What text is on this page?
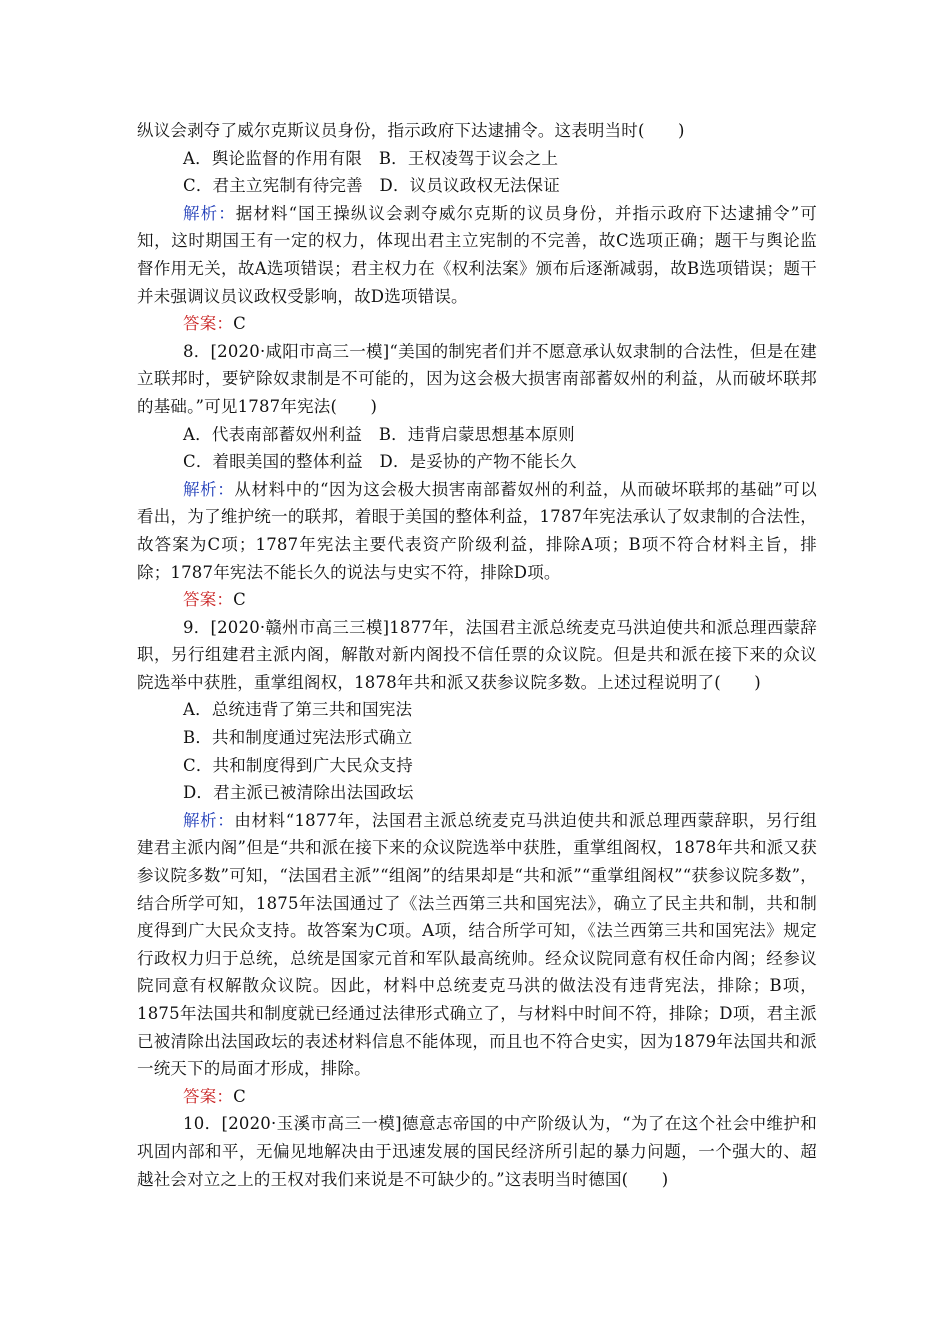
纵议会剥夺了威尔克斯议员身份，指示政府下达逮捕令。这表明当时(　　)

A．舆论监督的作用有限　B．王权凌驾于议会之上

C．君主立宪制有待完善　D．议员议政权无法保证

解析：据材料“国王操纵议会剥夺威尔克斯的议员身份，并指示政府下达逮捕令”可知，这时期国王有一定的权力，体现出君主立宪制的不完善，故C选项正确；题干与舆论监督作用无关，故A选项错误；君主权力在《权利法案》颁布后逐渐减弱，故B选项错误；题干并未强调议员议政权受影响，故D选项错误。

答案：C

8．[2020·咸阳市高三一模]“美国的制宪者们并不愿意承认奴隶制的合法性，但是在建立联邦时，要铲除奴隶制是不可能的，因为这会极大损害南部蓄奴州的利益，从而破坏联邦的基础。”可见1787年宪法(　　)

A．代表南部蓄奴州利益　B．违背启蒙思想基本原则

C．着眼美国的整体利益　D．是妥协的产物不能长久

解析：从材料中的“因为这会极大损害南部蓄奴州的利益，从而破坏联邦的基础”可以看出，为了维护统一的联邦，着眼于美国的整体利益，1787年宪法承认了奴隶制的合法性，故答案为C项；1787年宪法主要代表资产阶级利益，排除A项；B项不符合材料主旨，排除；1787年宪法不能长久的说法与史实不符，排除D项。

答案：C

9．[2020·赣州市高三三模]1877年，法国君主派总统麦克马洪迫使共和派总理西蒙辞职，另行组建君主派内阁，解散对新内阁投不信任票的众议院。但是共和派在接下来的众议院选举中获胜，重掌组阁权，1878年共和派又获参议院多数。上述过程说明了(　　)

A．总统违背了第三共和国宪法

B．共和制度通过宪法形式确立

C．共和制度得到广大民众支持

D．君主派已被清除出法国政坛

解析：由材料“1877年，法国君主派总统麦克马洪迫使共和派总理西蒙辞职，另行组建君主派内阁”但是“共和派在接下来的众议院选举中获胜，重掌组阁权，1878年共和派又获参议院多数”可知，“法国君主派”“组阁”的结果却是“共和派”“重掌组阁权”“获参议院多数”，结合所学可知，1875年法国通过了《法兰西第三共和国宪法》，确立了民主共和制，共和制度得到广大民众支持。故答案为C项。A项，结合所学可知，《法兰西第三共和国宪法》规定行政权力归于总统，总统是国家元首和军队最高统帅。经众议院同意有权任命内阁；经参议院同意有权解散众议院。因此，材料中总统麦克马洪的做法没有违背宪法，排除；B项，1875年法国共和制度就已经通过法律形式确立了，与材料中时间不符，排除；D项，君主派已被清除出法国政坛的表述材料信息不能体现，而且也不符合史实，因为1879年法国共和派一统天下的局面才形成，排除。

答案：C

10．[2020·玉溪市高三一模]德意志帝国的中产阶级认为，“为了在这个社会中维护和巩固内部和平，无偏见地解决由于迅速发展的国民经济所引起的暴力问题，一个强大的、超越社会对立之上的王权对我们来说是不可缺少的。”这表明当时德国(　　)
